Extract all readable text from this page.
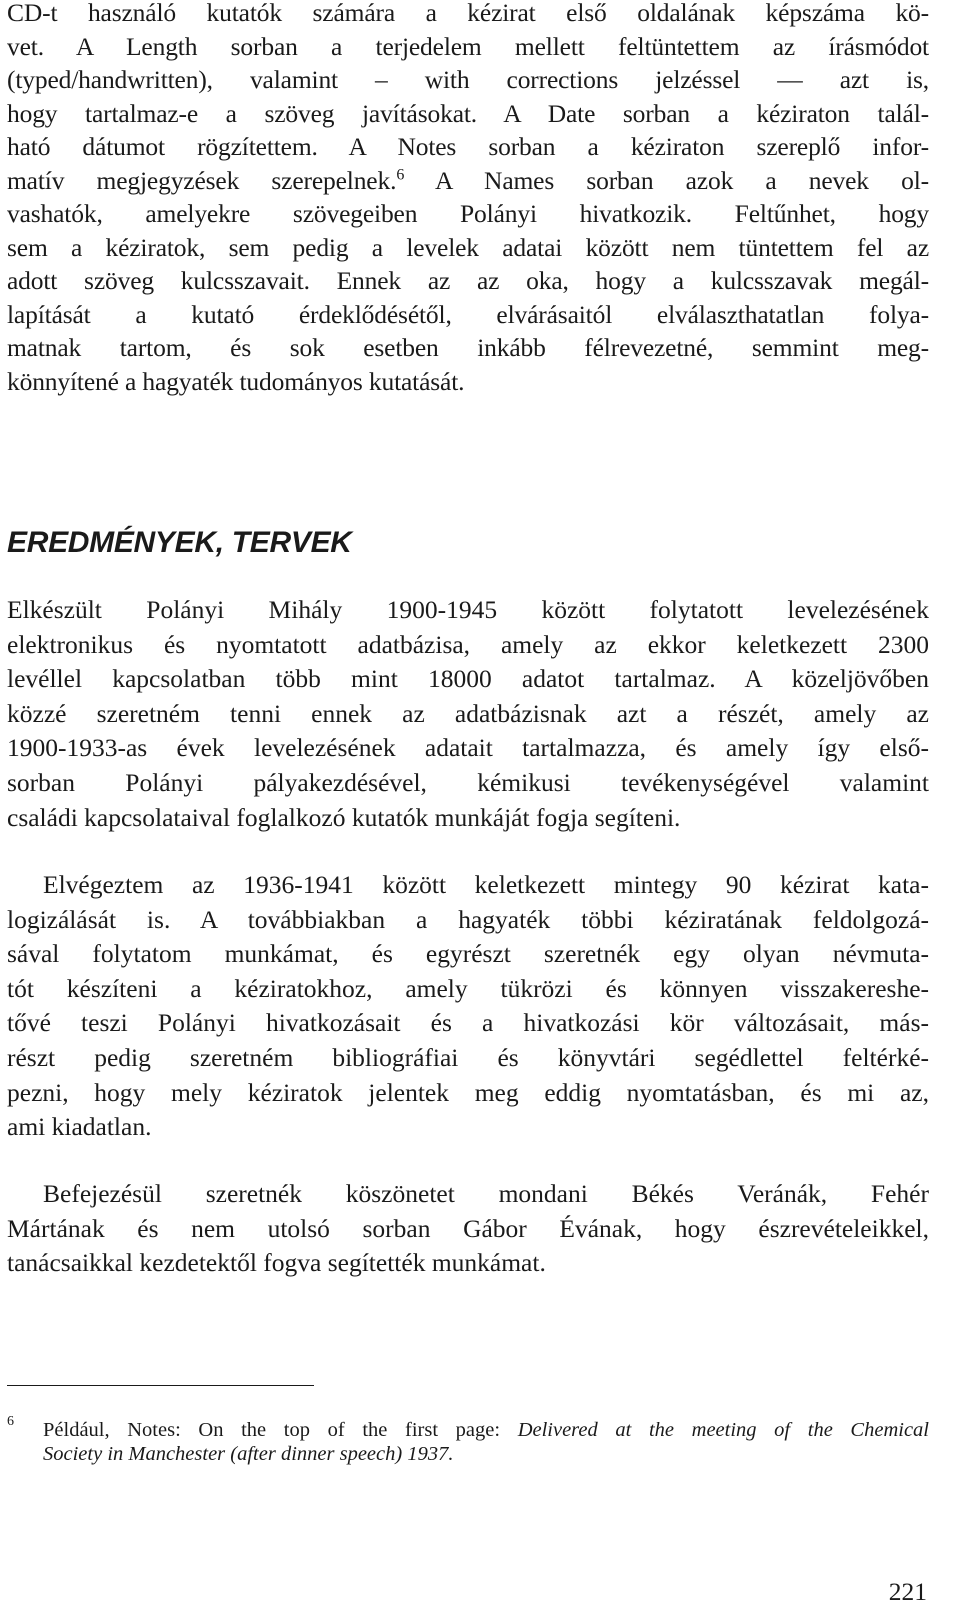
CD-t használó kutatók számára a kézirat első oldalának képszáma kö-
vet. A Length sorban a terjedelem mellett feltüntettem az írásmódot
(typed/handwritten), valamint – with corrections jelzéssel — azt is,
hogy tartalmaz-e a szöveg javításokat. A Date sorban a kéziraton talál-
ható dátumot rögzítettem. A Notes sorban a kéziraton szereplő infor-
matív megjegyzések szerepelnek.$^6$ A Names sorban azok a nevek ol-
vashatók, amelyekre szövegeiben Polányi hivatkozik. Feltűnhet, hogy
sem a kéziratok, sem pedig a levelek adatai között nem tüntettem fel az
adott szöveg kulcsszavait. Ennek az az oka, hogy a kulcsszavak megál-
lapítását a kutató érdeklődésétől, elvárásaitól elválaszthatatlan folya-
matnak tartom, és sok esetben inkább félrevezetné, semmint meg-
könnyítené a hagyaték tudományos kutatását.

EREDMÉNYEK, TERVEK

Elkészült Polányi Mihály 1900-1945 között folytatott levelezésének
elektronikus és nyomtatott adatbázisa, amely az ekkor keletkezett 2300
levéllel kapcsolatban több mint 18000 adatot tartalmaz. A közeljövőben
közzé szeretném tenni ennek az adatbázisnak azt a részét, amely az
1900-1933-as évek levelezésének adatait tartalmazza, és amely így első-
sorban Polányi pályakezdésével, kémikusi tevékenységével valamint
családi kapcsolataival foglalkozó kutatók munkáját fogja segíteni.

Elvégeztem az 1936-1941 között keletkezett mintegy 90 kézirat kata-
logizálását is. A továbbiakban a hagyaték többi kéziratának feldolgozá-
sával folytatom munkámat, és egyrészt szeretnék egy olyan névmuta-
tót készíteni a kéziratokhoz, amely tükrözi és könnyen visszakereshe-
tővé teszi Polányi hivatkozásait és a hivatkozási kör változásait, más-
részt pedig szeretném bibliográfiai és könyvtári segédlettel feltérké-
pezni, hogy mely kéziratok jelentek meg eddig nyomtatásban, és mi az,
ami kiadatlan.

Befejezésül szeretnék köszönetet mondani Békés Veránák, Fehér
Mártának és nem utolsó sorban Gábor Évának, hogy észrevételeikkel,
tanácsaikkal kezdetektől fogva segítették munkámat.

6 Például, Notes: On the top of the first page: Delivered at the meeting of the Chemical
Society in Manchester (after dinner speech) 1937.
221
